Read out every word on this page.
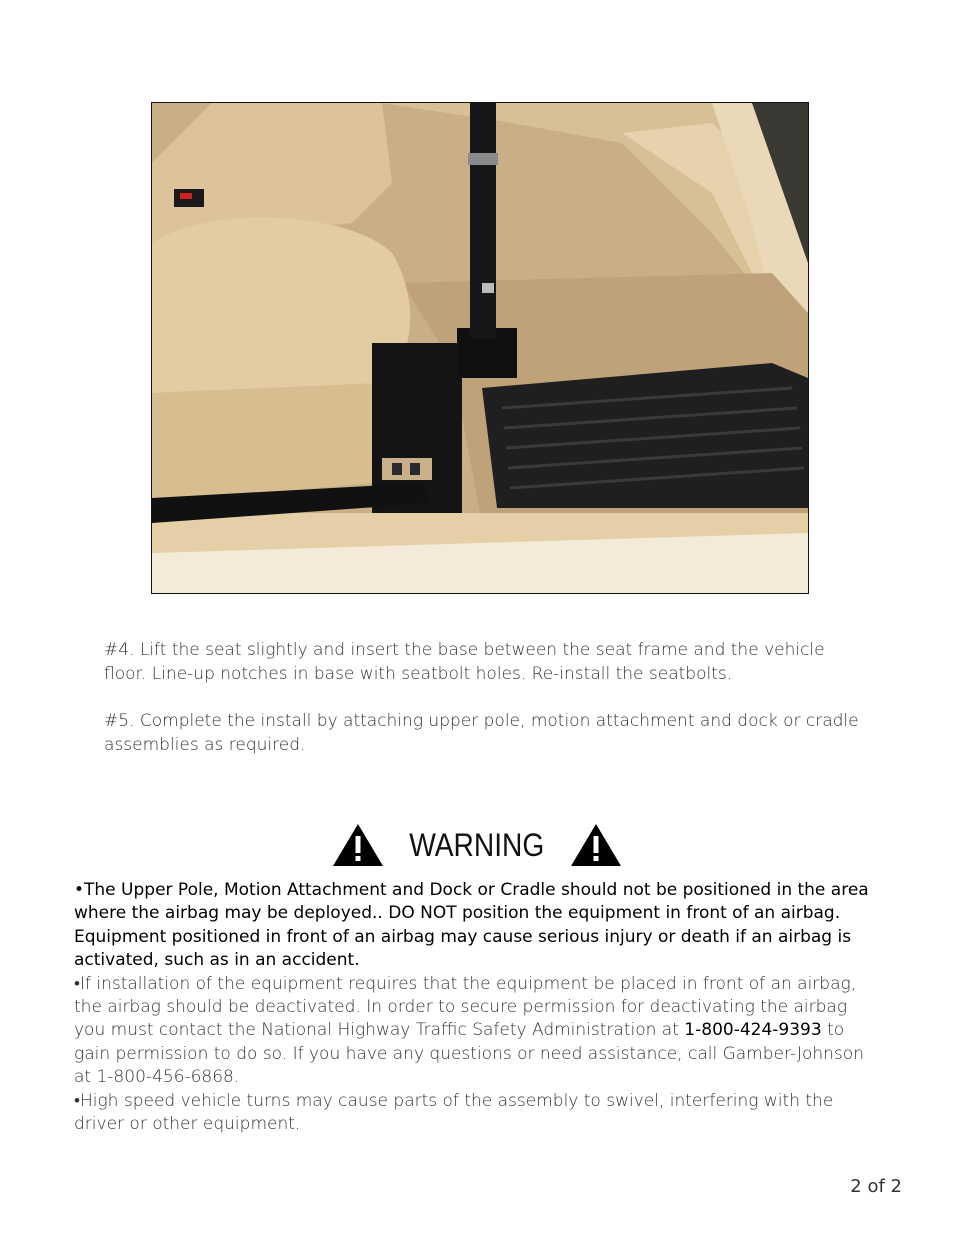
#4. Lift the seat slightly and insert the base between the seat frame and the vehicle floor. Line-up notches in base with seatbolt holes. Re-install the seatbolts.
#5. Complete the install by attaching upper pole, motion attachment and dock or cradle assemblies as required.
WARNING

•The Upper Pole, Motion Attachment and Dock or Cradle should not be positioned in the area where the airbag may be deployed.. DO NOT position the equipment in front of an airbag. Equipment positioned in front of an airbag may cause serious injury or death if an airbag is activated, such as in an accident.

•If installation of the equipment requires that the equipment be placed in front of an airbag, the airbag should be deactivated. In order to secure permission for deactivating the airbag you must contact the National Highway Traffic Safety Administration at 1-800-424-9393 to gain permission to do so. If you have any questions or need assistance, call Gamber-Johnson at 1-800-456-6868.

•High speed vehicle turns may cause parts of the assembly to swivel, interfering with the driver or other equipment.

2 of 2
